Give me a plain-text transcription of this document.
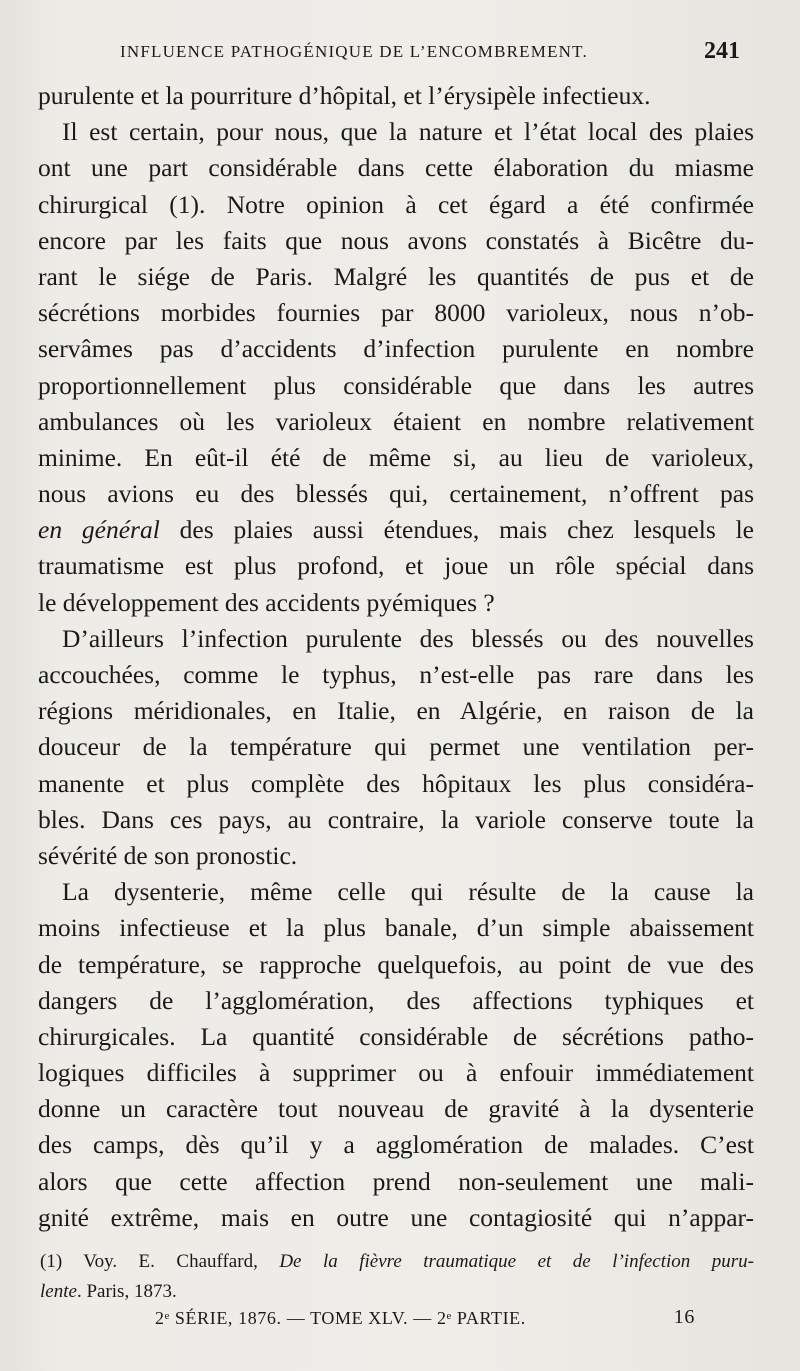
INFLUENCE PATHOGÉNIQUE DE L’ENCOMBREMENT.	241
purulente et la pourriture d’hôpital, et l’érysipèle infectieux.
Il est certain, pour nous, que la nature et l’état local des plaies
ont une part considérable dans cette élaboration du miasme
chirurgical (1). Notre opinion à cet égard a été confirmée
encore par les faits que nous avons constatés à Bicêtre du-
rant le siége de Paris. Malgré les quantités de pus et de
sécrétions morbides fournies par 8000 varioleux, nous n’ob-
servâmes pas d’accidents d’infection purulente en nombre
proportionnellement plus considérable que dans les autres
ambulances où les varioleux étaient en nombre relativement
minime. En eût-il été de même si, au lieu de varioleux,
nous avions eu des blessés qui, certainement, n’offrent pas
en général des plaies aussi étendues, mais chez lesquels le
traumatisme est plus profond, et joue un rôle spécial dans
le développement des accidents pyémiques ?
D’ailleurs l’infection purulente des blessés ou des nouvelles
accouchées, comme le typhus, n’est-elle pas rare dans les
régions méridionales, en Italie, en Algérie, en raison de la
douceur de la température qui permet une ventilation per-
manente et plus complète des hôpitaux les plus considéra-
bles. Dans ces pays, au contraire, la variole conserve toute la
sévérité de son pronostic.
La dysenterie, même celle qui résulte de la cause la
moins infectieuse et la plus banale, d’un simple abaissement
de température, se rapproche quelquefois, au point de vue des
dangers de l’agglomération, des affections typhiques et
chirurgicales. La quantité considérable de sécrétions patho-
logiques difficiles à supprimer ou à enfouir immédiatement
donne un caractère tout nouveau de gravité à la dysenterie
des camps, dès qu’il y a agglomération de malades. C’est
alors que cette affection prend non-seulement une mali-
gnité extrême, mais en outre une contagiosité qui n’appar-
(1) Voy. E. Chauffard, De la fièvre traumatique et de l’infection puru-
lente. Paris, 1873.
2ᵉ SÉRIE, 1876. — TOME XLV. — 2ᵉ PARTIE.	16
